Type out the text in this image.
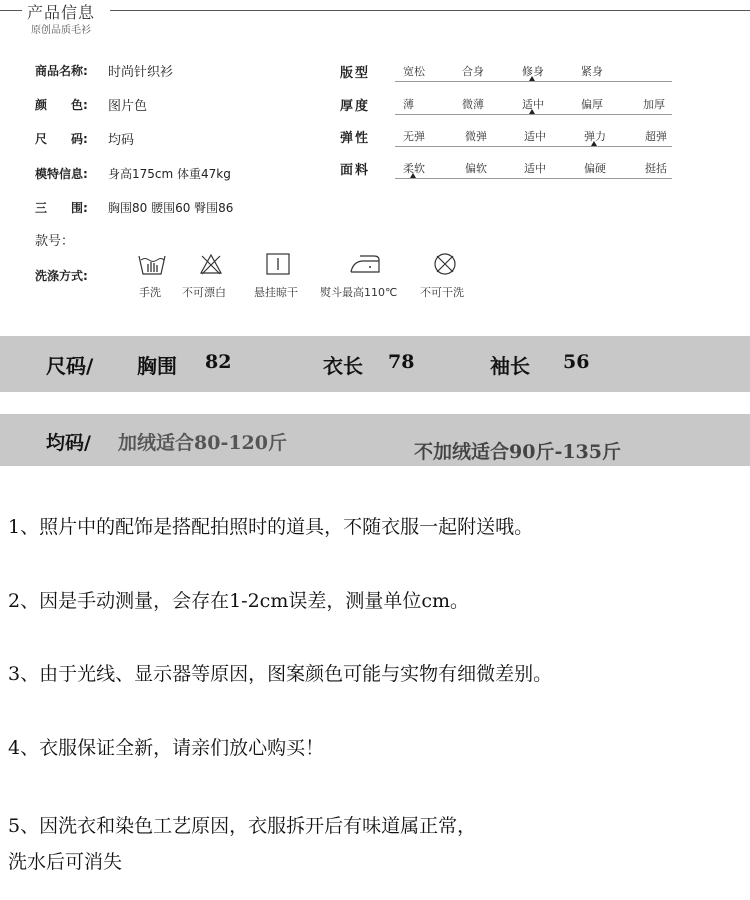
产品信息
原创品质毛衫
商品名称: 时尚针织衫
颜　　色: 图片色
尺　　码: 均码
模特信息: 身高175cm 体重47kg
三　　围: 胸围80 腰围60 臀围86
款号：
版型	宽松	合身	修身	紧身
厚度	薄	微薄	适中	偏厚	加厚
弹性	无弹	微弹	适中	弹力	超弹
面料	柔软	偏软	适中	偏硬	挺括
洗涤方式:
手洗 不可漂白	悬挂晾干 熨斗最高110℃ 不可干洗
尺码/ 胸围 82	衣长 78	袖长 56
均码/ 加绒适合80-120斤	不加绒适合90斤-135斤
1、照片中的配饰是搭配拍照时的道具，不随衣服一起附送哦。
2、因是手动测量，会存在1-2cm误差，测量单位cm。
3、由于光线、显示器等原因，图案颜色可能与实物有细微差别。
4、衣服保证全新，请亲们放心购买！
5、因洗衣和染色工艺原因，衣服拆开后有味道属正常，
洗水后可消失
